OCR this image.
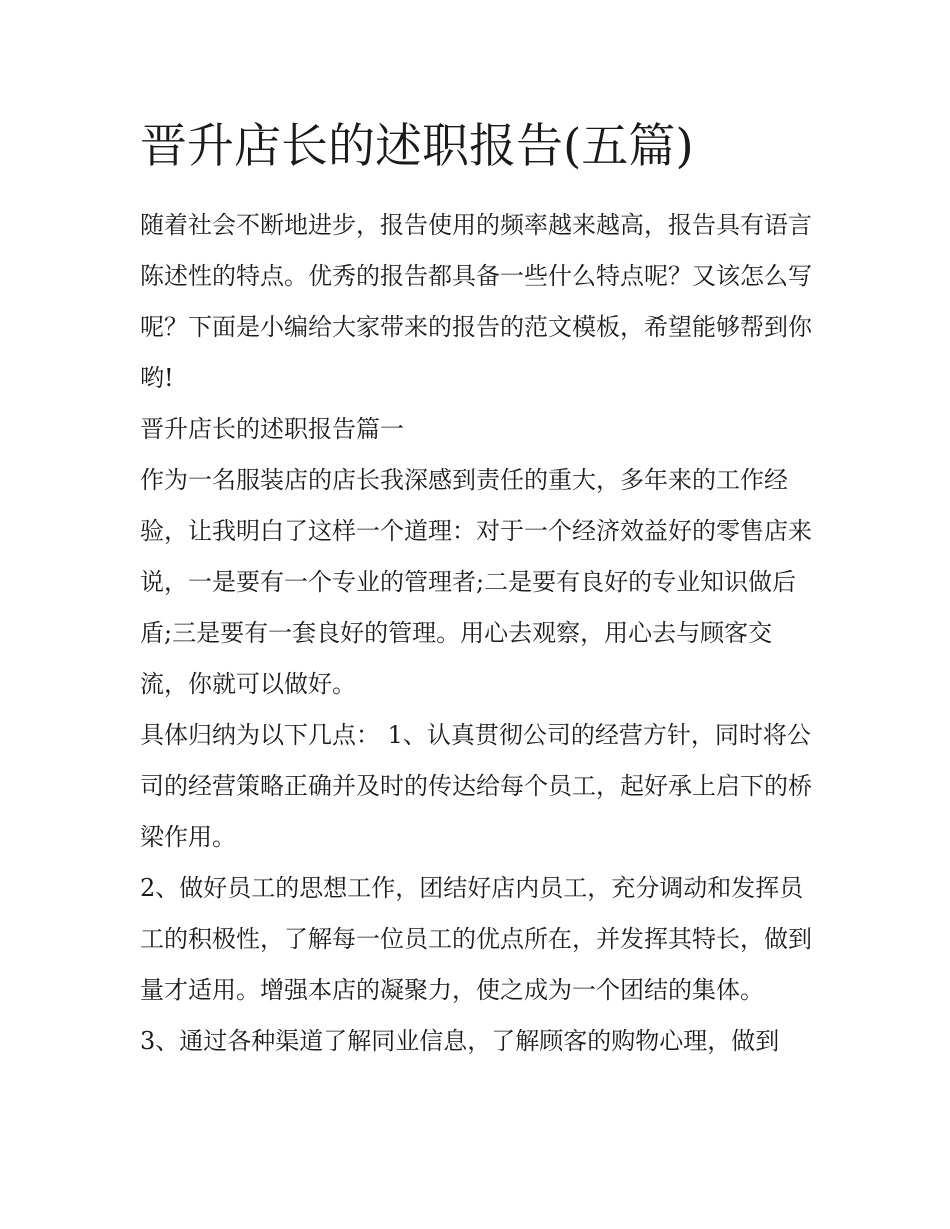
晋升店长的述职报告(五篇)

随着社会不断地进步，报告使用的频率越来越高，报告具有语言陈述性的特点。优秀的报告都具备一些什么特点呢？又该怎么写呢？下面是小编给大家带来的报告的范文模板，希望能够帮到你哟!

晋升店长的述职报告篇一

作为一名服装店的店长我深感到责任的重大，多年来的工作经验，让我明白了这样一个道理：对于一个经济效益好的零售店来说，一是要有一个专业的管理者;二是要有良好的专业知识做后盾;三是要有一套良好的管理。用心去观察，用心去与顾客交流，你就可以做好。

具体归纳为以下几点： 1、认真贯彻公司的经营方针，同时将公司的经营策略正确并及时的传达给每个员工，起好承上启下的桥梁作用。

2、做好员工的思想工作，团结好店内员工，充分调动和发挥员工的积极性，了解每一位员工的优点所在，并发挥其特长，做到量才适用。增强本店的凝聚力，使之成为一个团结的集体。

3、通过各种渠道了解同业信息，了解顾客的购物心理，做到
